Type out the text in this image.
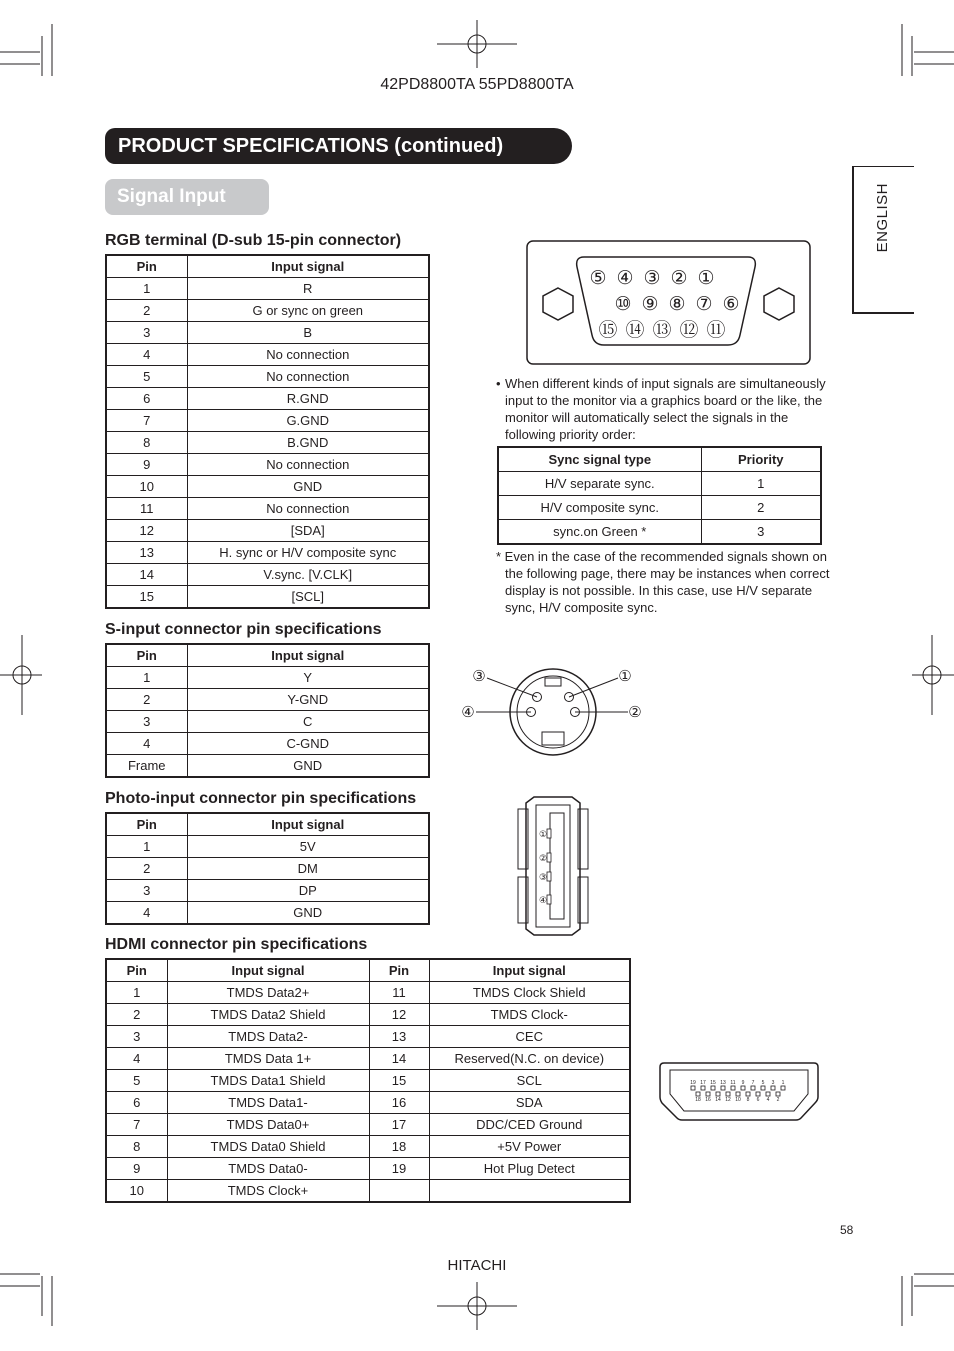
42PD8800TA 55PD8800TA
PRODUCT SPECIFICATIONS (continued)
Signal Input	ENGLISH
RGB terminal (D-sub 15-pin connector)
Pin	Input signal
1	R
2	G or sync on green
3	B
4	No connection
5	No connection
6	R.GND
7	G.GND
8	B.GND
9	No connection
10	GND
11	No connection
12	[SDA]
13	H. sync or H/V composite sync
14	V.sync. [V.CLK]
15	[SCL]
⑤ ④ ③ ② ①
⑩ ⑨ ⑧ ⑦ ⑥
⑮ ⑭ ⑬ ⑫ ⑪
• When different kinds of input signals are simultaneously input to the monitor via a graphics board or the like, the monitor will automatically select the signals in the following priority order:
Sync signal type	Priority
H/V separate sync.	1
H/V composite sync.	2
sync.on Green *	3
* Even in the case of the recommended signals shown on the following page, there may be instances when correct display is not possible. In this case, use H/V separate sync, H/V composite sync.
S-input connector pin specifications
Pin	Input signal
1	Y
2	Y-GND
3	C
4	C-GND
Frame	GND
③	①
④	②
Photo-input connector pin specifications
Pin	Input signal
1	5V
2	DM
3	DP
4	GND
①
②
③
④
HDMI connector pin specifications
Pin	Input signal	Pin	Input signal
1	TMDS Data2+	11	TMDS Clock Shield
2	TMDS Data2 Shield	12	TMDS Clock-
3	TMDS Data2-	13	CEC
4	TMDS Data 1+	14	Reserved(N.C. on device)
5	TMDS Data1 Shield	15	SCL
6	TMDS Data1-	16	SDA
7	TMDS Data0+	17	DDC/CED Ground
8	TMDS Data0 Shield	18	+5V Power
9	TMDS Data0-	19	Hot Plug Detect
10	TMDS Clock+		
19 17 15 13 11 9 7 5 3 1
18 16 14 12 10 8 6 4 2
58
HITACHI
